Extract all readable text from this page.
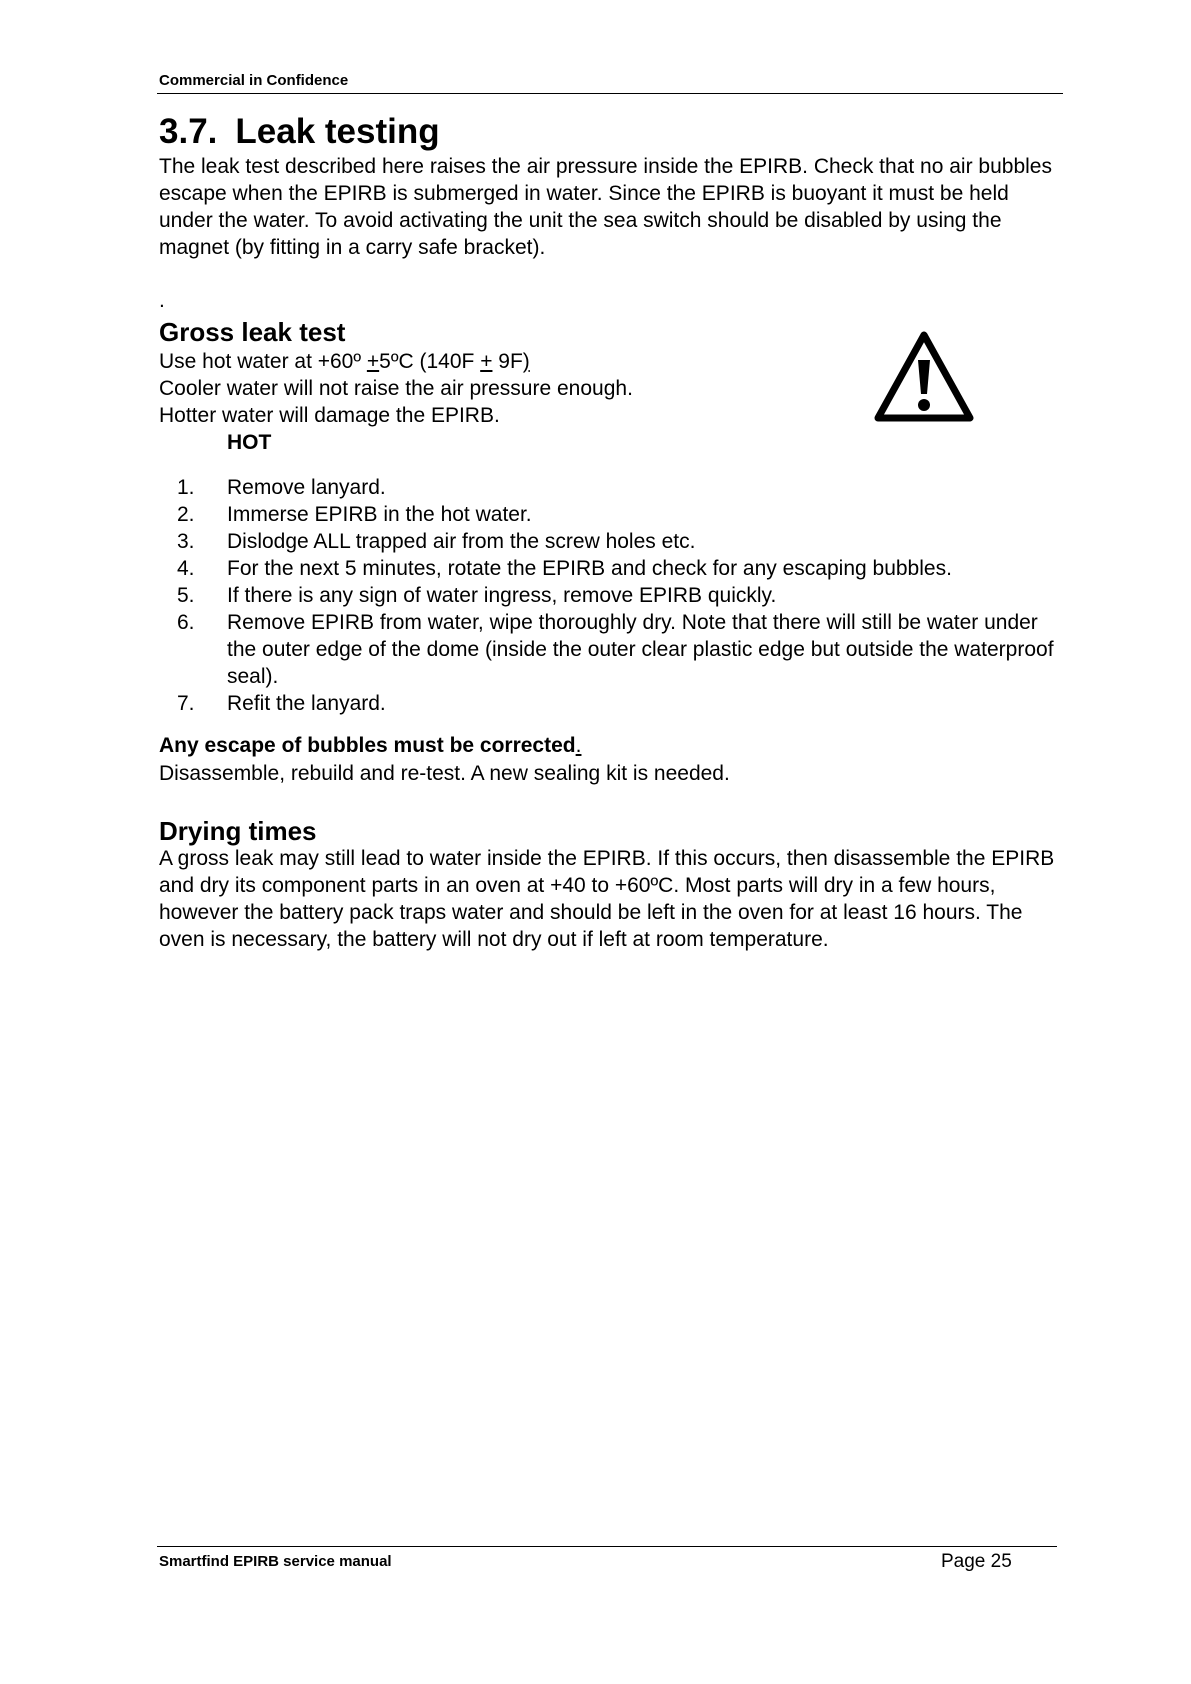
Commercial in Confidence
3.7. Leak testing

The leak test described here raises the air pressure inside the EPIRB. Check that no air bubbles escape when the EPIRB is submerged in water. Since the EPIRB is buoyant it must be held under the water. To avoid activating the unit the sea switch should be disabled by using the magnet (by fitting in a carry safe bracket).

.

Gross leak test

Use hot water at +60º +5ºC (140F + 9F)

Cooler water will not raise the air pressure enough.

Hotter water will damage the EPIRB.

HOT
1.	Remove lanyard.
2.	Immerse EPIRB in the hot water.
3.	Dislodge ALL trapped air from the screw holes etc.
4.	For the next 5 minutes, rotate the EPIRB and check for any escaping bubbles.
5.	If there is any sign of water ingress, remove EPIRB quickly.
6.	Remove EPIRB from water, wipe thoroughly dry. Note that there will still be water under the outer edge of the dome (inside the outer clear plastic edge but outside the waterproof seal).
7.	Refit the lanyard.
Any escape of bubbles must be corrected.

Disassemble, rebuild and re-test. A new sealing kit is needed.

Drying times

A gross leak may still lead to water inside the EPIRB. If this occurs, then disassemble the EPIRB and dry its component parts in an oven at +40 to +60ºC. Most parts will dry in a few hours, however the battery pack traps water and should be left in the oven for at least 16 hours. The oven is necessary, the battery will not dry out if left at room temperature.

Smartfind EPIRB service manual	Page 25
